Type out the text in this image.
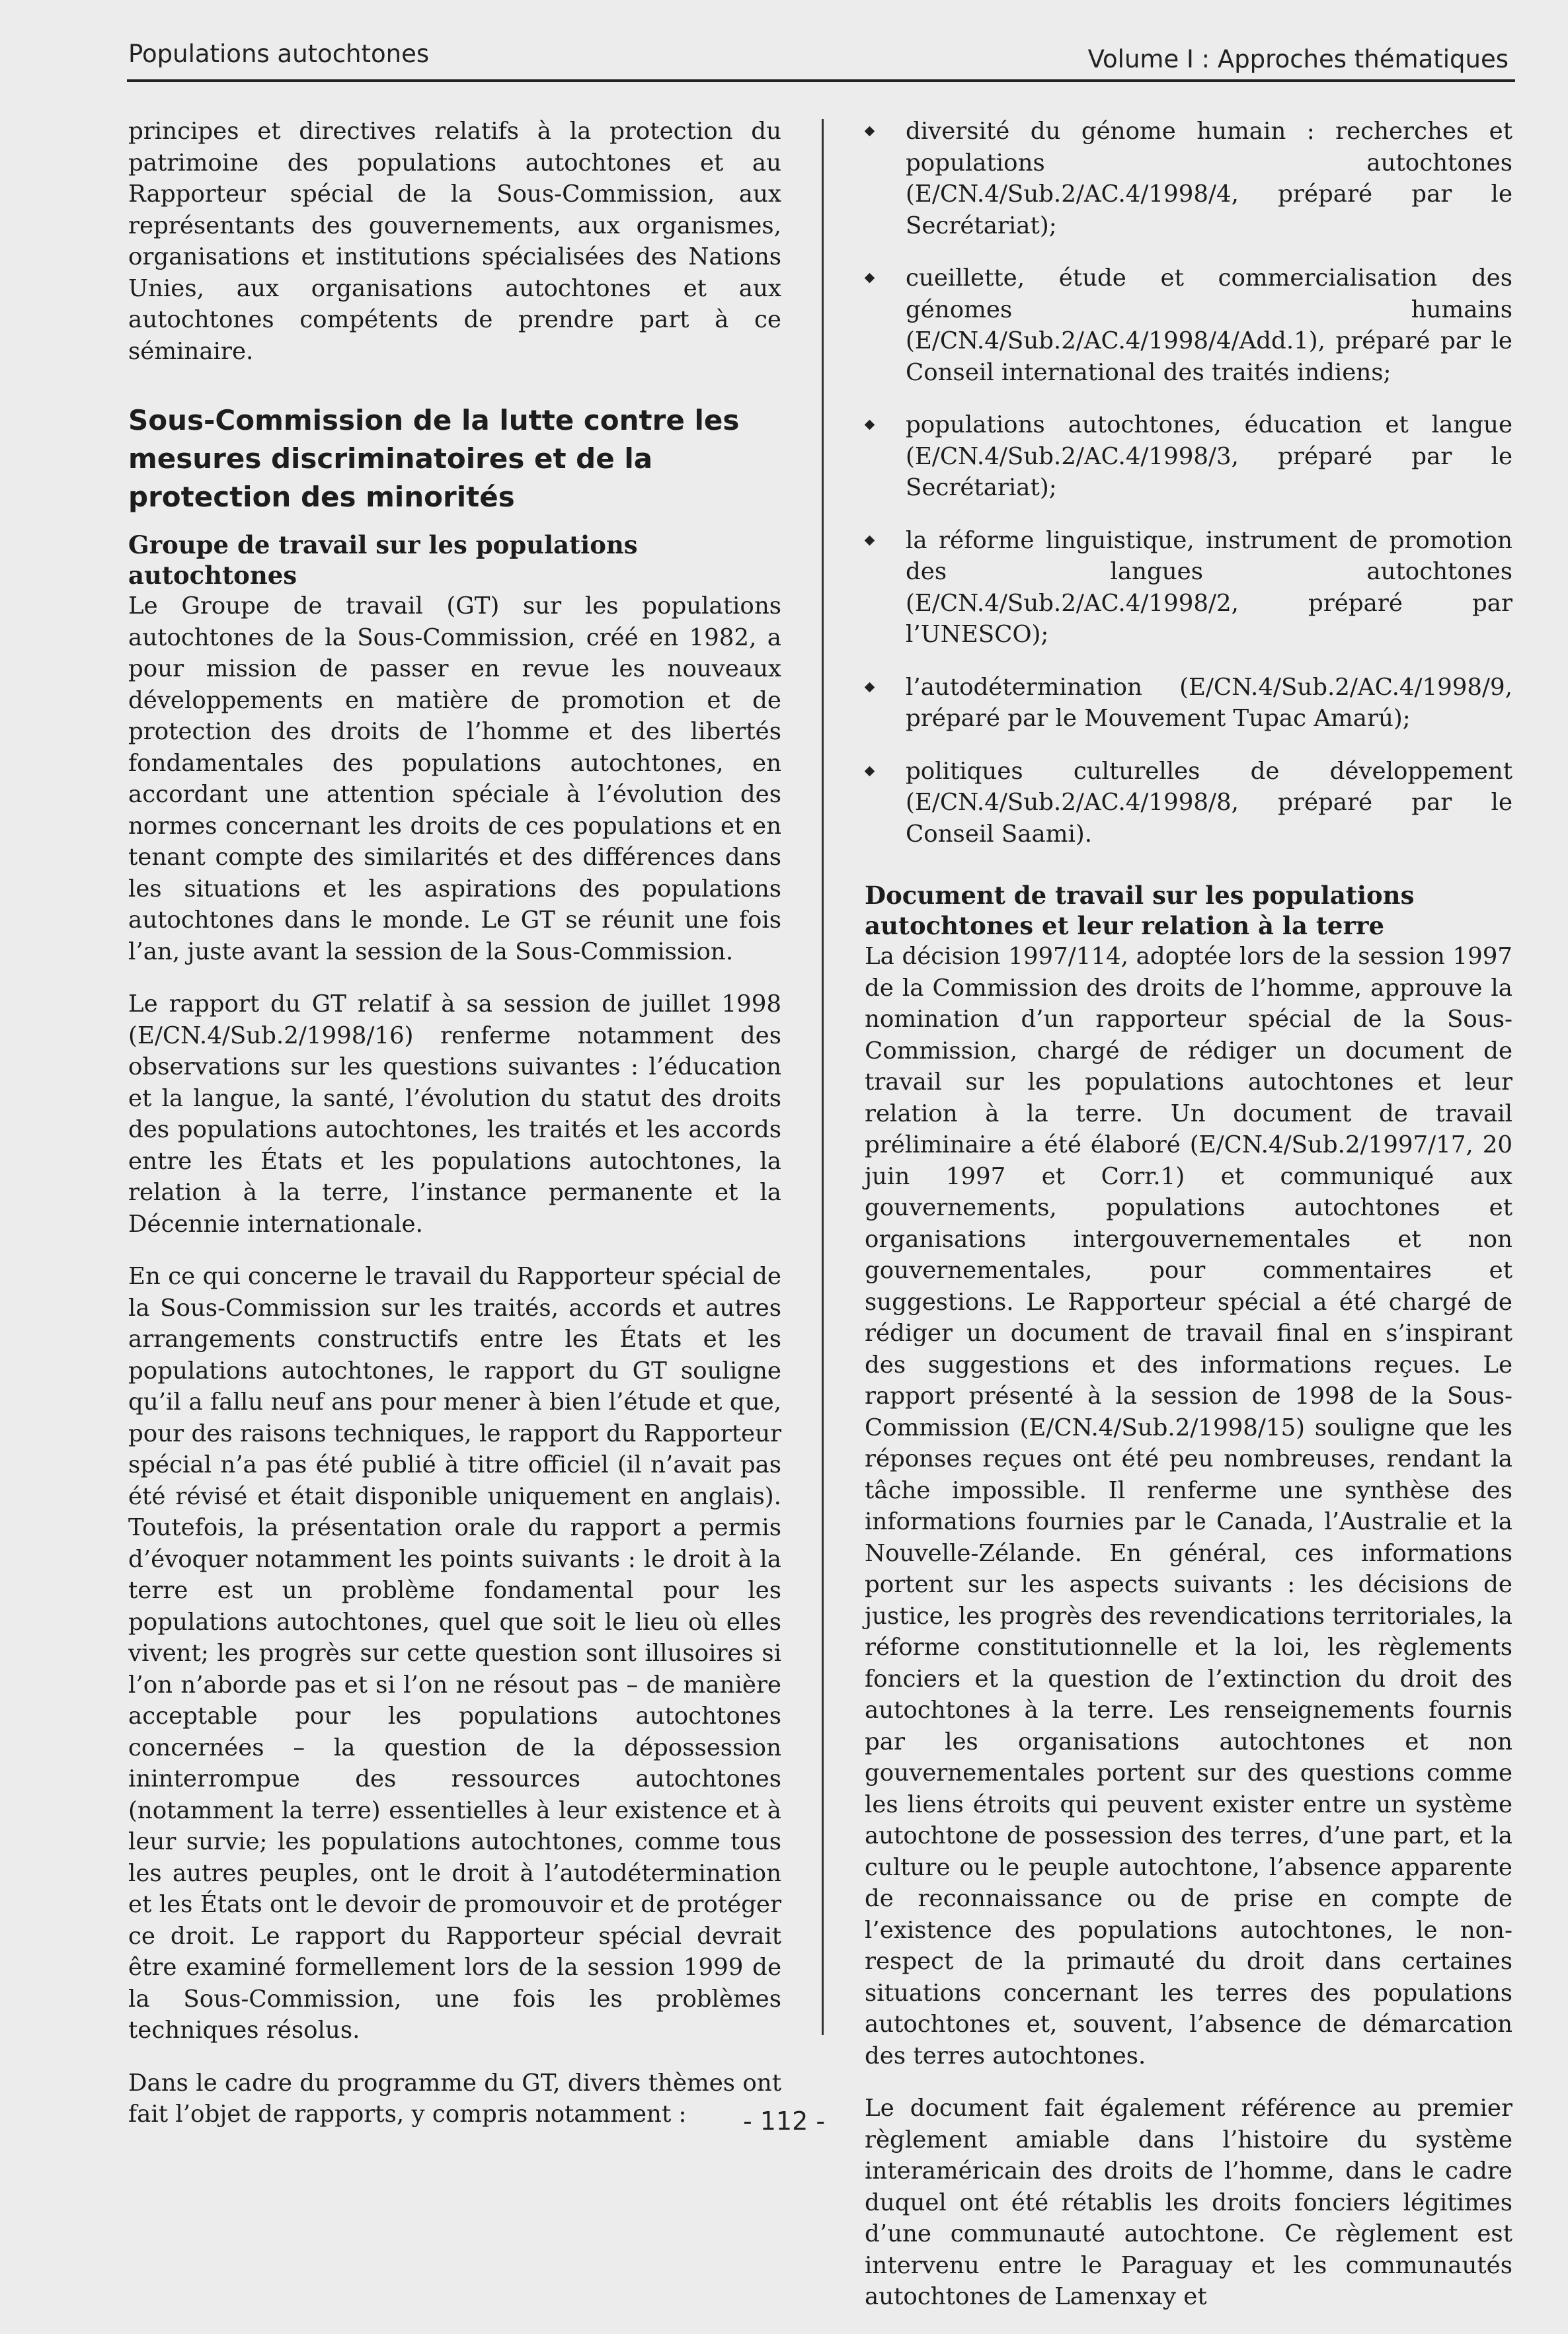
Populations autochtones	Volume I : Approches thématiques

principes et directives relatifs à la protection du patrimoine des populations autochtones et au Rapporteur spécial de la Sous-Commission, aux représentants des gouvernements, aux organismes, organisations et institutions spécialisées des Nations Unies, aux organisations autochtones et aux autochtones compétents de prendre part à ce séminaire.

Sous-Commission de la lutte contre les mesures discriminatoires et de la protection des minorités
Groupe de travail sur les populations autochtones

Le Groupe de travail (GT) sur les populations autochtones de la Sous-Commission, créé en 1982, a pour mission de passer en revue les nouveaux développements en matière de promotion et de protection des droits de l’homme et des libertés fondamentales des populations autochtones, en accordant une attention spéciale à l’évolution des normes concernant les droits de ces populations et en tenant compte des similarités et des différences dans les situations et les aspirations des populations autochtones dans le monde. Le GT se réunit une fois l’an, juste avant la session de la Sous-Commission.

Le rapport du GT relatif à sa session de juillet 1998 (E/CN.4/Sub.2/1998/16) renferme notamment des observations sur les questions suivantes : l’éducation et la langue, la santé, l’évolution du statut des droits des populations autochtones, les traités et les accords entre les États et les populations autochtones, la relation à la terre, l’instance permanente et la Décennie internationale.

En ce qui concerne le travail du Rapporteur spécial de la Sous-Commission sur les traités, accords et autres arrangements constructifs entre les États et les populations autochtones, le rapport du GT souligne qu’il a fallu neuf ans pour mener à bien l’étude et que, pour des raisons techniques, le rapport du Rapporteur spécial n’a pas été publié à titre officiel (il n’avait pas été révisé et était disponible uniquement en anglais). Toutefois, la présentation orale du rapport a permis d’évoquer notamment les points suivants : le droit à la terre est un problème fondamental pour les populations autochtones, quel que soit le lieu où elles vivent; les progrès sur cette question sont illusoires si l’on n’aborde pas et si l’on ne résout pas – de manière acceptable pour les populations autochtones concernées – la question de la dépossession ininterrompue des ressources autochtones (notamment la terre) essentielles à leur existence et à leur survie; les populations autochtones, comme tous les autres peuples, ont le droit à l’autodétermination et les États ont le devoir de promouvoir et de protéger ce droit. Le rapport du Rapporteur spécial devrait être examiné formellement lors de la session 1999 de la Sous-Commission, une fois les problèmes techniques résolus.

Dans le cadre du programme du GT, divers thèmes ont fait l’objet de rapports, y compris notamment :

diversité du génome humain : recherches et populations autochtones (E/CN.4/Sub.2/AC.4/1998/4, préparé par le Secrétariat);
cueillette, étude et commercialisation des génomes humains (E/CN.4/Sub.2/AC.4/1998/4/Add.1), préparé par le Conseil international des traités indiens;
populations autochtones, éducation et langue (E/CN.4/Sub.2/AC.4/1998/3, préparé par le Secrétariat);
la réforme linguistique, instrument de promotion des langues autochtones (E/CN.4/Sub.2/AC.4/1998/2, préparé par l’UNESCO);
l’autodétermination (E/CN.4/Sub.2/AC.4/1998/9, préparé par le Mouvement Tupac Amarú);
politiques culturelles de développement (E/CN.4/Sub.2/AC.4/1998/8, préparé par le Conseil Saami).
Document de travail sur les populations autochtones et leur relation à la terre

La décision 1997/114, adoptée lors de la session 1997 de la Commission des droits de l’homme, approuve la nomination d’un rapporteur spécial de la Sous-Commission, chargé de rédiger un document de travail sur les populations autochtones et leur relation à la terre. Un document de travail préliminaire a été élaboré (E/CN.4/Sub.2/1997/17, 20 juin 1997 et Corr.1) et communiqué aux gouvernements, populations autochtones et organisations intergouvernementales et non gouvernementales, pour commentaires et suggestions. Le Rapporteur spécial a été chargé de rédiger un document de travail final en s’inspirant des suggestions et des informations reçues. Le rapport présenté à la session de 1998 de la Sous-Commission (E/CN.4/Sub.2/1998/15) souligne que les réponses reçues ont été peu nombreuses, rendant la tâche impossible. Il renferme une synthèse des informations fournies par le Canada, l’Australie et la Nouvelle-Zélande. En général, ces informations portent sur les aspects suivants : les décisions de justice, les progrès des revendications territoriales, la réforme constitutionnelle et la loi, les règlements fonciers et la question de l’extinction du droit des autochtones à la terre. Les renseignements fournis par les organisations autochtones et non gouvernementales portent sur des questions comme les liens étroits qui peuvent exister entre un système autochtone de possession des terres, d’une part, et la culture ou le peuple autochtone, l’absence apparente de reconnaissance ou de prise en compte de l’existence des populations autochtones, le non-respect de la primauté du droit dans certaines situations concernant les terres des populations autochtones et, souvent, l’absence de démarcation des terres autochtones.

Le document fait également référence au premier règlement amiable dans l’histoire du système interaméricain des droits de l’homme, dans le cadre duquel ont été rétablis les droits fonciers légitimes d’une communauté autochtone. Ce règlement est intervenu entre le Paraguay et les communautés autochtones de Lamenxay et

- 112 -
